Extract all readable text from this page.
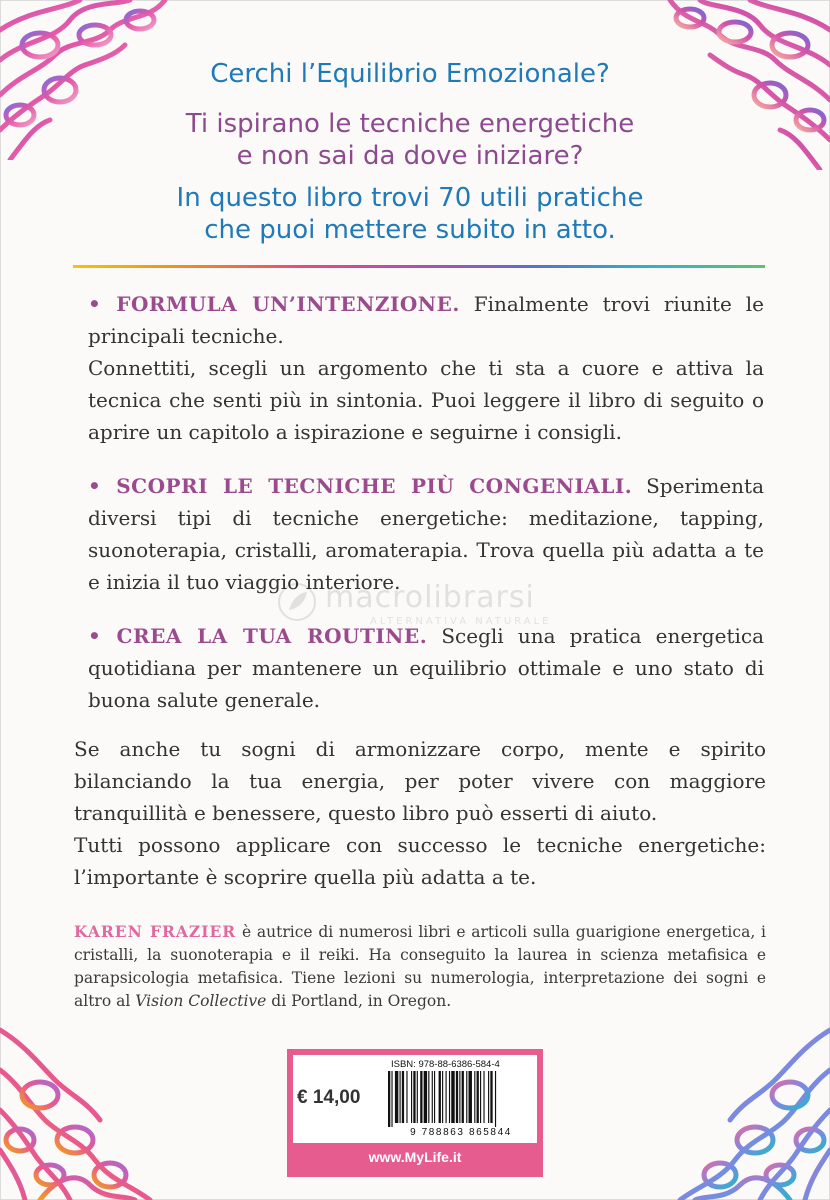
Cerchi l’Equilibrio Emozionale?

Ti ispirano le tecniche energetiche
e non sai da dove iniziare?
In questo libro trovi 70 utili pratiche
che puoi mettere subito in atto.
macrolibrarsi
ALTERNATIVA NATURALE

• FORMULA UN’INTENZIONE. Finalmente trovi riunite le principali tecniche.
Connettiti, scegli un argomento che ti sta a cuore e attiva la tecnica che senti più in sintonia. Puoi leggere il libro di seguito o aprire un capitolo a ispirazione e seguirne i consigli.

• SCOPRI LE TECNICHE PIÙ CONGENIALI. Sperimenta diversi tipi di tecniche energetiche: meditazione, tapping, suonoterapia, cristalli, aromaterapia. Trova quella più adatta a te e inizia il tuo viaggio interiore.

• CREA LA TUA ROUTINE. Scegli una pratica energetica quotidiana per mantenere un equilibrio ottimale e uno stato di buona salute generale.

Se anche tu sogni di armonizzare corpo, mente e spirito bilanciando la tua energia, per poter vivere con maggiore tranquillità e benessere, questo libro può esserti di aiuto.

Tutti possono applicare con successo le tecniche energetiche: l’importante è scoprire quella più adatta a te.

KAREN FRAZIER è autrice di numerosi libri e articoli sulla guarigione energetica, i cristalli, la suonoterapia e il reiki. Ha conseguito la laurea in scienza metafisica e parapsicologia metafisica. Tiene lezioni su numerologia, interpretazione dei sogni e altro al Vision Collective di Portland, in Oregon.

€ 14,00
ISBN: 978-88-6386-584-4
9 788863 865844
www.MyLife.it
